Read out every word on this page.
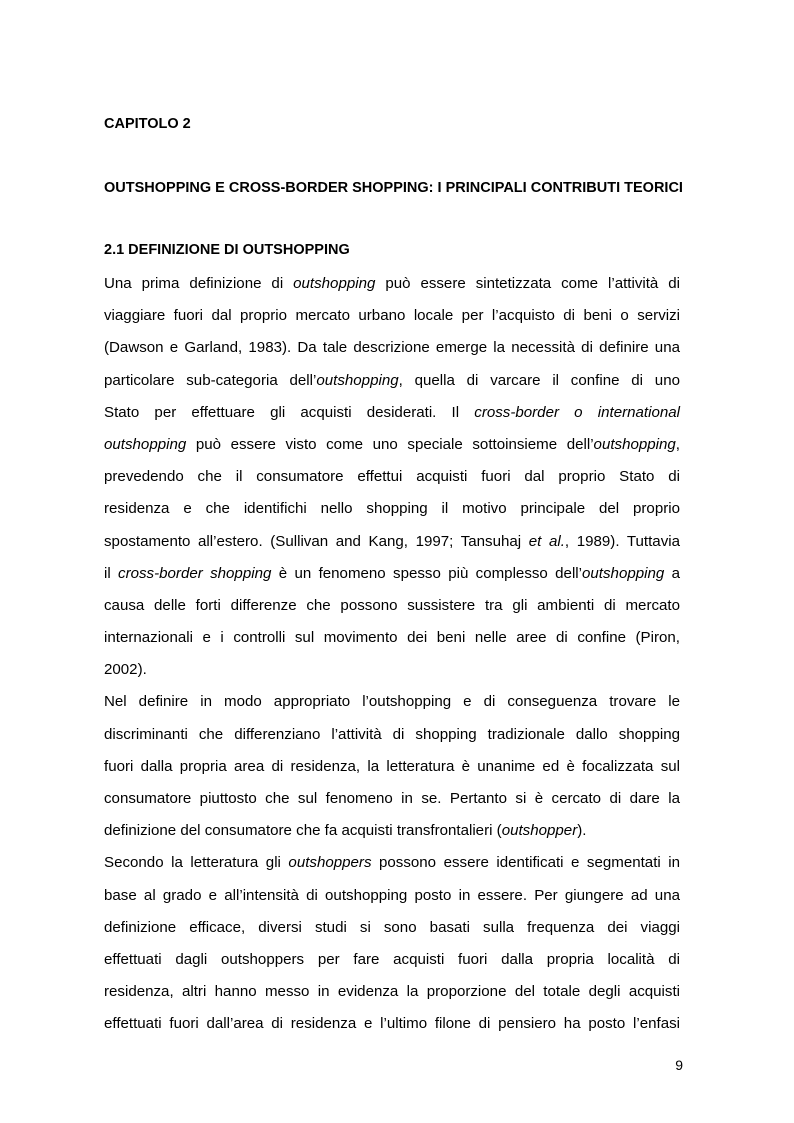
CAPITOLO 2
OUTSHOPPING E CROSS-BORDER SHOPPING: I PRINCIPALI CONTRIBUTI TEORICI
2.1 DEFINIZIONE DI OUTSHOPPING
Una prima definizione di outshopping può essere sintetizzata come l’attività di
viaggiare fuori dal proprio mercato urbano locale per l’acquisto di beni o servizi
(Dawson e Garland, 1983). Da tale descrizione emerge la necessità di definire una
particolare sub-categoria dell’outshopping, quella di varcare il confine di uno
Stato per effettuare gli acquisti desiderati. Il cross-border o international
outshopping può essere visto come uno speciale sottoinsieme dell’outshopping,
prevedendo che il consumatore effettui acquisti fuori dal proprio Stato di
residenza e che identifichi nello shopping il motivo principale del proprio
spostamento all’estero. (Sullivan and Kang, 1997; Tansuhaj et al., 1989). Tuttavia
il cross-border shopping è un fenomeno spesso più complesso dell’outshopping a
causa delle forti differenze che possono sussistere tra gli ambienti di mercato
internazionali e i controlli sul movimento dei beni nelle aree di confine (Piron,
2002).
Nel definire in modo appropriato l’outshopping e di conseguenza trovare le
discriminanti che differenziano l’attività di shopping tradizionale dallo shopping
fuori dalla propria area di residenza, la letteratura è unanime ed è focalizzata sul
consumatore piuttosto che sul fenomeno in se. Pertanto si è cercato di dare la
definizione del consumatore che fa acquisti transfrontalieri (outshopper).
Secondo la letteratura gli outshoppers possono essere identificati e segmentati in
base al grado e all’intensità di outshopping posto in essere. Per giungere ad una
definizione efficace, diversi studi si sono basati sulla frequenza dei viaggi
effettuati dagli outshoppers per fare acquisti fuori dalla propria località di
residenza, altri hanno messo in evidenza la proporzione del totale degli acquisti
effettuati fuori dall’area di residenza e l’ultimo filone di pensiero ha posto l’enfasi
9
